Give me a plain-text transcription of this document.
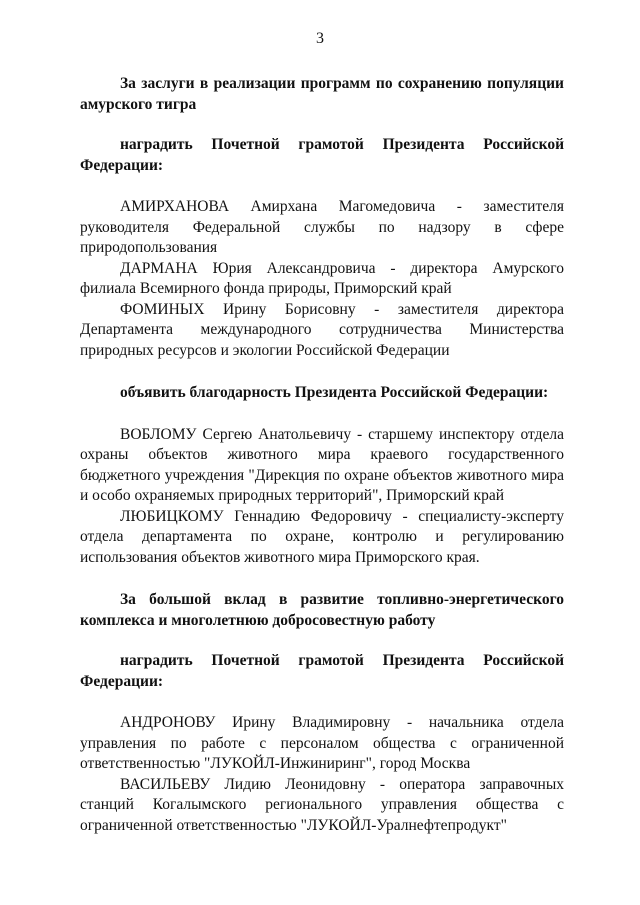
3

За заслуги в реализации программ по сохранению популяции амурского тигра

наградить Почетной грамотой Президента Российской Федерации:

АМИРХАНОВА Амирхана Магомедовича - заместителя руководителя Федеральной службы по надзору в сфере природопользования

ДАРМАНА Юрия Александровича - директора Амурского филиала Всемирного фонда природы, Приморский край

ФОМИНЫХ Ирину Борисовну - заместителя директора Департамента международного сотрудничества Министерства природных ресурсов и экологии Российской Федерации

объявить благодарность Президента Российской Федерации:

ВОБЛОМУ Сергею Анатольевичу - старшему инспектору отдела охраны объектов животного мира краевого государственного бюджетного учреждения "Дирекция по охране объектов животного мира и особо охраняемых природных территорий", Приморский край

ЛЮБИЦКОМУ Геннадию Федоровичу - специалисту-эксперту отдела департамента по охране, контролю и регулированию использования объектов животного мира Приморского края.

За большой вклад в развитие топливно-энергетического комплекса и многолетнюю добросовестную работу

наградить Почетной грамотой Президента Российской Федерации:

АНДРОНОВУ Ирину Владимировну - начальника отдела управления по работе с персоналом общества с ограниченной ответственностью "ЛУКОЙЛ-Инжиниринг", город Москва

ВАСИЛЬЕВУ Лидию Леонидовну - оператора заправочных станций Когалымского регионального управления общества с ограниченной ответственностью "ЛУКОЙЛ-Уралнефтепродукт"
